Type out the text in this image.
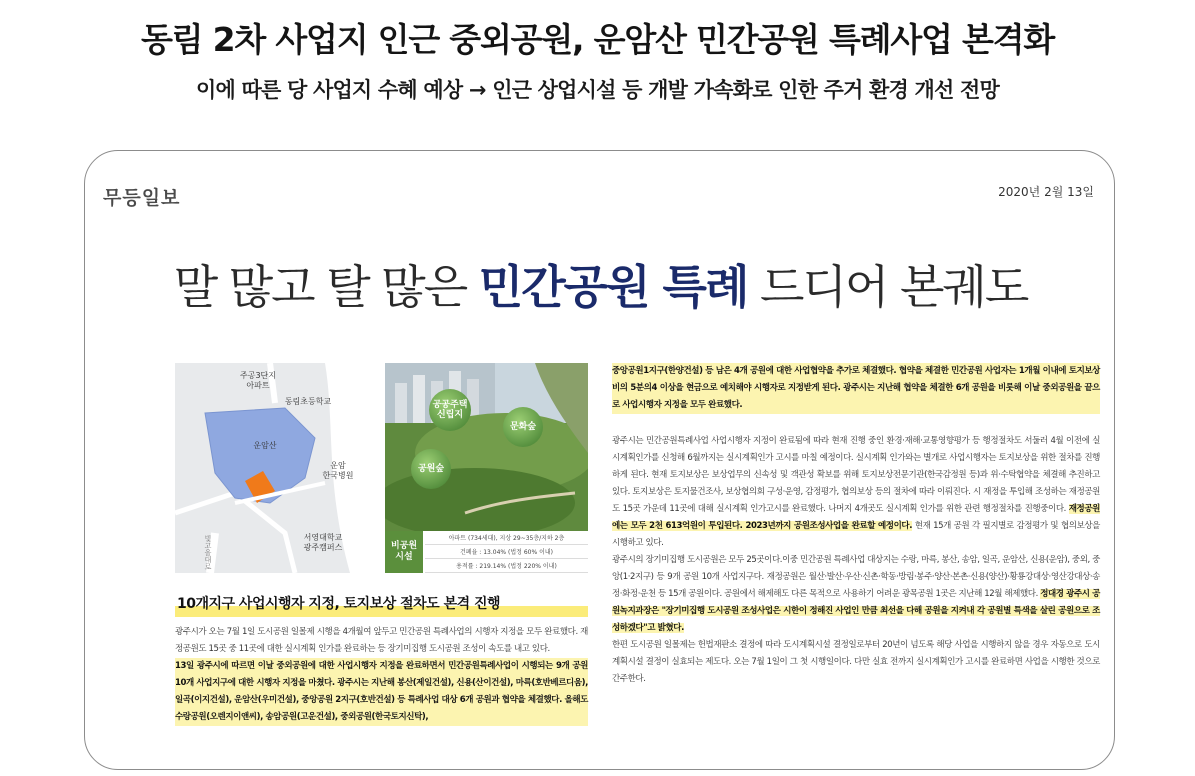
동림 2차 사업지 인근 중외공원, 운암산 민간공원 특례사업 본격화
이에 따른 당 사업지 수혜 예상 → 인근 상업시설 등 개발 가속화로 인한 주거 환경 개선 전망
무등일보	2020년 2월 13일
말 많고 탈 많은 민간공원 특례 드디어 본궤도
주공3단지
아파트
동림초등학교
운암산
운암
한국병원
서영대학교
광주캠퍼스
빛고을대로
공공주택
신립지
문화숲
공원숲
비공원
시설
아파트 (734세대), 지상 29~35층/지하 2층
건폐율 : 13.04% (법정 60% 이내)
용적률 : 219.14% (법정 220% 이내)
10개지구 사업시행자 지정, 토지보상 절차도 본격 진행

광주시가 오는 7월 1일 도시공원 일몰제 시행을 4개월여 앞두고 민간공원 특례사업의 시행자 지정을 모두 완료했다. 재정공원도 15곳 중 11곳에 대한 실시계획 인가를 완료하는 등 장기미집행 도시공원 조성이 속도를 내고 있다.

13일 광주시에 따르면 이날 중외공원에 대한 사업시행자 지정을 완료하면서 민간공원특례사업이 시행되는 9개 공원 10개 사업지구에 대한 시행자 지정을 마쳤다. 광주시는 지난해 봉산(제일건설), 신용(산이건설), 마륵(호반베르디움), 일곡(이지건설), 운암산(우미건설), 중앙공원 2지구(호반건설) 등 특례사업 대상 6개 공원과 협약을 체결했다. 올해도 수랑공원(오렌지이앤씨), 송암공원(고운건설), 중외공원(한국토지신탁),

중앙공원1지구(한양건설) 등 남은 4개 공원에 대한 사업협약을 추가로 체결했다. 협약을 체결한 민간공원 사업자는 1개월 이내에 토지보상비의 5분의4 이상을 현금으로 예치해야 시행자로 지정받게 된다. 광주시는 지난해 협약을 체결한 6개 공원을 비롯해 이날 중외공원을 끝으로 사업시행자 지정을 모두 완료했다.

광주시는 민간공원특례사업 사업시행자 지정이 완료됨에 따라 현재 진행 중인 환경·재해·교통영향평가 등 행정절차도 서둘러 4월 이전에 실시계획인가를 신청해 6월까지는 실시계획인가 고시를 마칠 예정이다. 실시계획 인가와는 별개로 사업시행자는 토지보상을 위한 절차를 진행하게 된다. 현재 토지보상은 보상업무의 신속성 및 객관성 확보를 위해 토지보상전문기관(한국감정원 등)과 위·수탁협약을 체결해 추진하고 있다. 토지보상은 토지물건조사, 보상협의회 구성·운영, 감정평가, 협의보상 등의 절차에 따라 이뤄진다. 시 재정을 투입해 조성하는 재정공원도 15곳 가운데 11곳에 대해 실시계획 인가고시를 완료했다. 나머지 4개곳도 실시계획 인가를 위한 관련 행정절차를 진행중이다. 재정공원에는 모두 2천 613억원이 투입된다. 2023년까지 공원조성사업을 완료할 예정이다. 현재 15개 공원 각 필지별로 감정평가 및 협의보상을 시행하고 있다.

광주시의 장기미집행 도시공원은 모두 25곳이다.이중 민간공원 특례사업 대상지는 수랑, 마륵, 봉산, 송암, 일곡, 운암산, 신용(운암), 중외, 중앙(1·2지구) 등 9개 공원 10개 사업지구다. 재정공원은 월산·발산·우산·신촌·학동·방림·봉주·양산·본촌·신용(양산)·황룡강대상·영산강대상·송정·화정·운천 등 15개 공원이다. 공원에서 해제해도 다른 목적으로 사용하기 어려운 광목공원 1곳은 지난해 12월 해제했다. 정대경 광주시 공원녹지과장은 "장기미집행 도시공원 조성사업은 시한이 정해진 사업인 만큼 최선을 다해 공원을 지켜내 각 공원별 특색을 살린 공원으로 조성하겠다"고 밝혔다.

한편 도시공원 일몰제는 헌법재판소 결정에 따라 도시계획시설 결정일로부터 20년이 넘도록 해당 사업을 시행하지 않을 경우 자동으로 도시계획시설 결정이 실효되는 제도다. 오는 7월 1일이 그 첫 시행일이다. 다만 실효 전까지 실시계획인가 고시를 완료하면 사업을 시행한 것으로 간주한다.
